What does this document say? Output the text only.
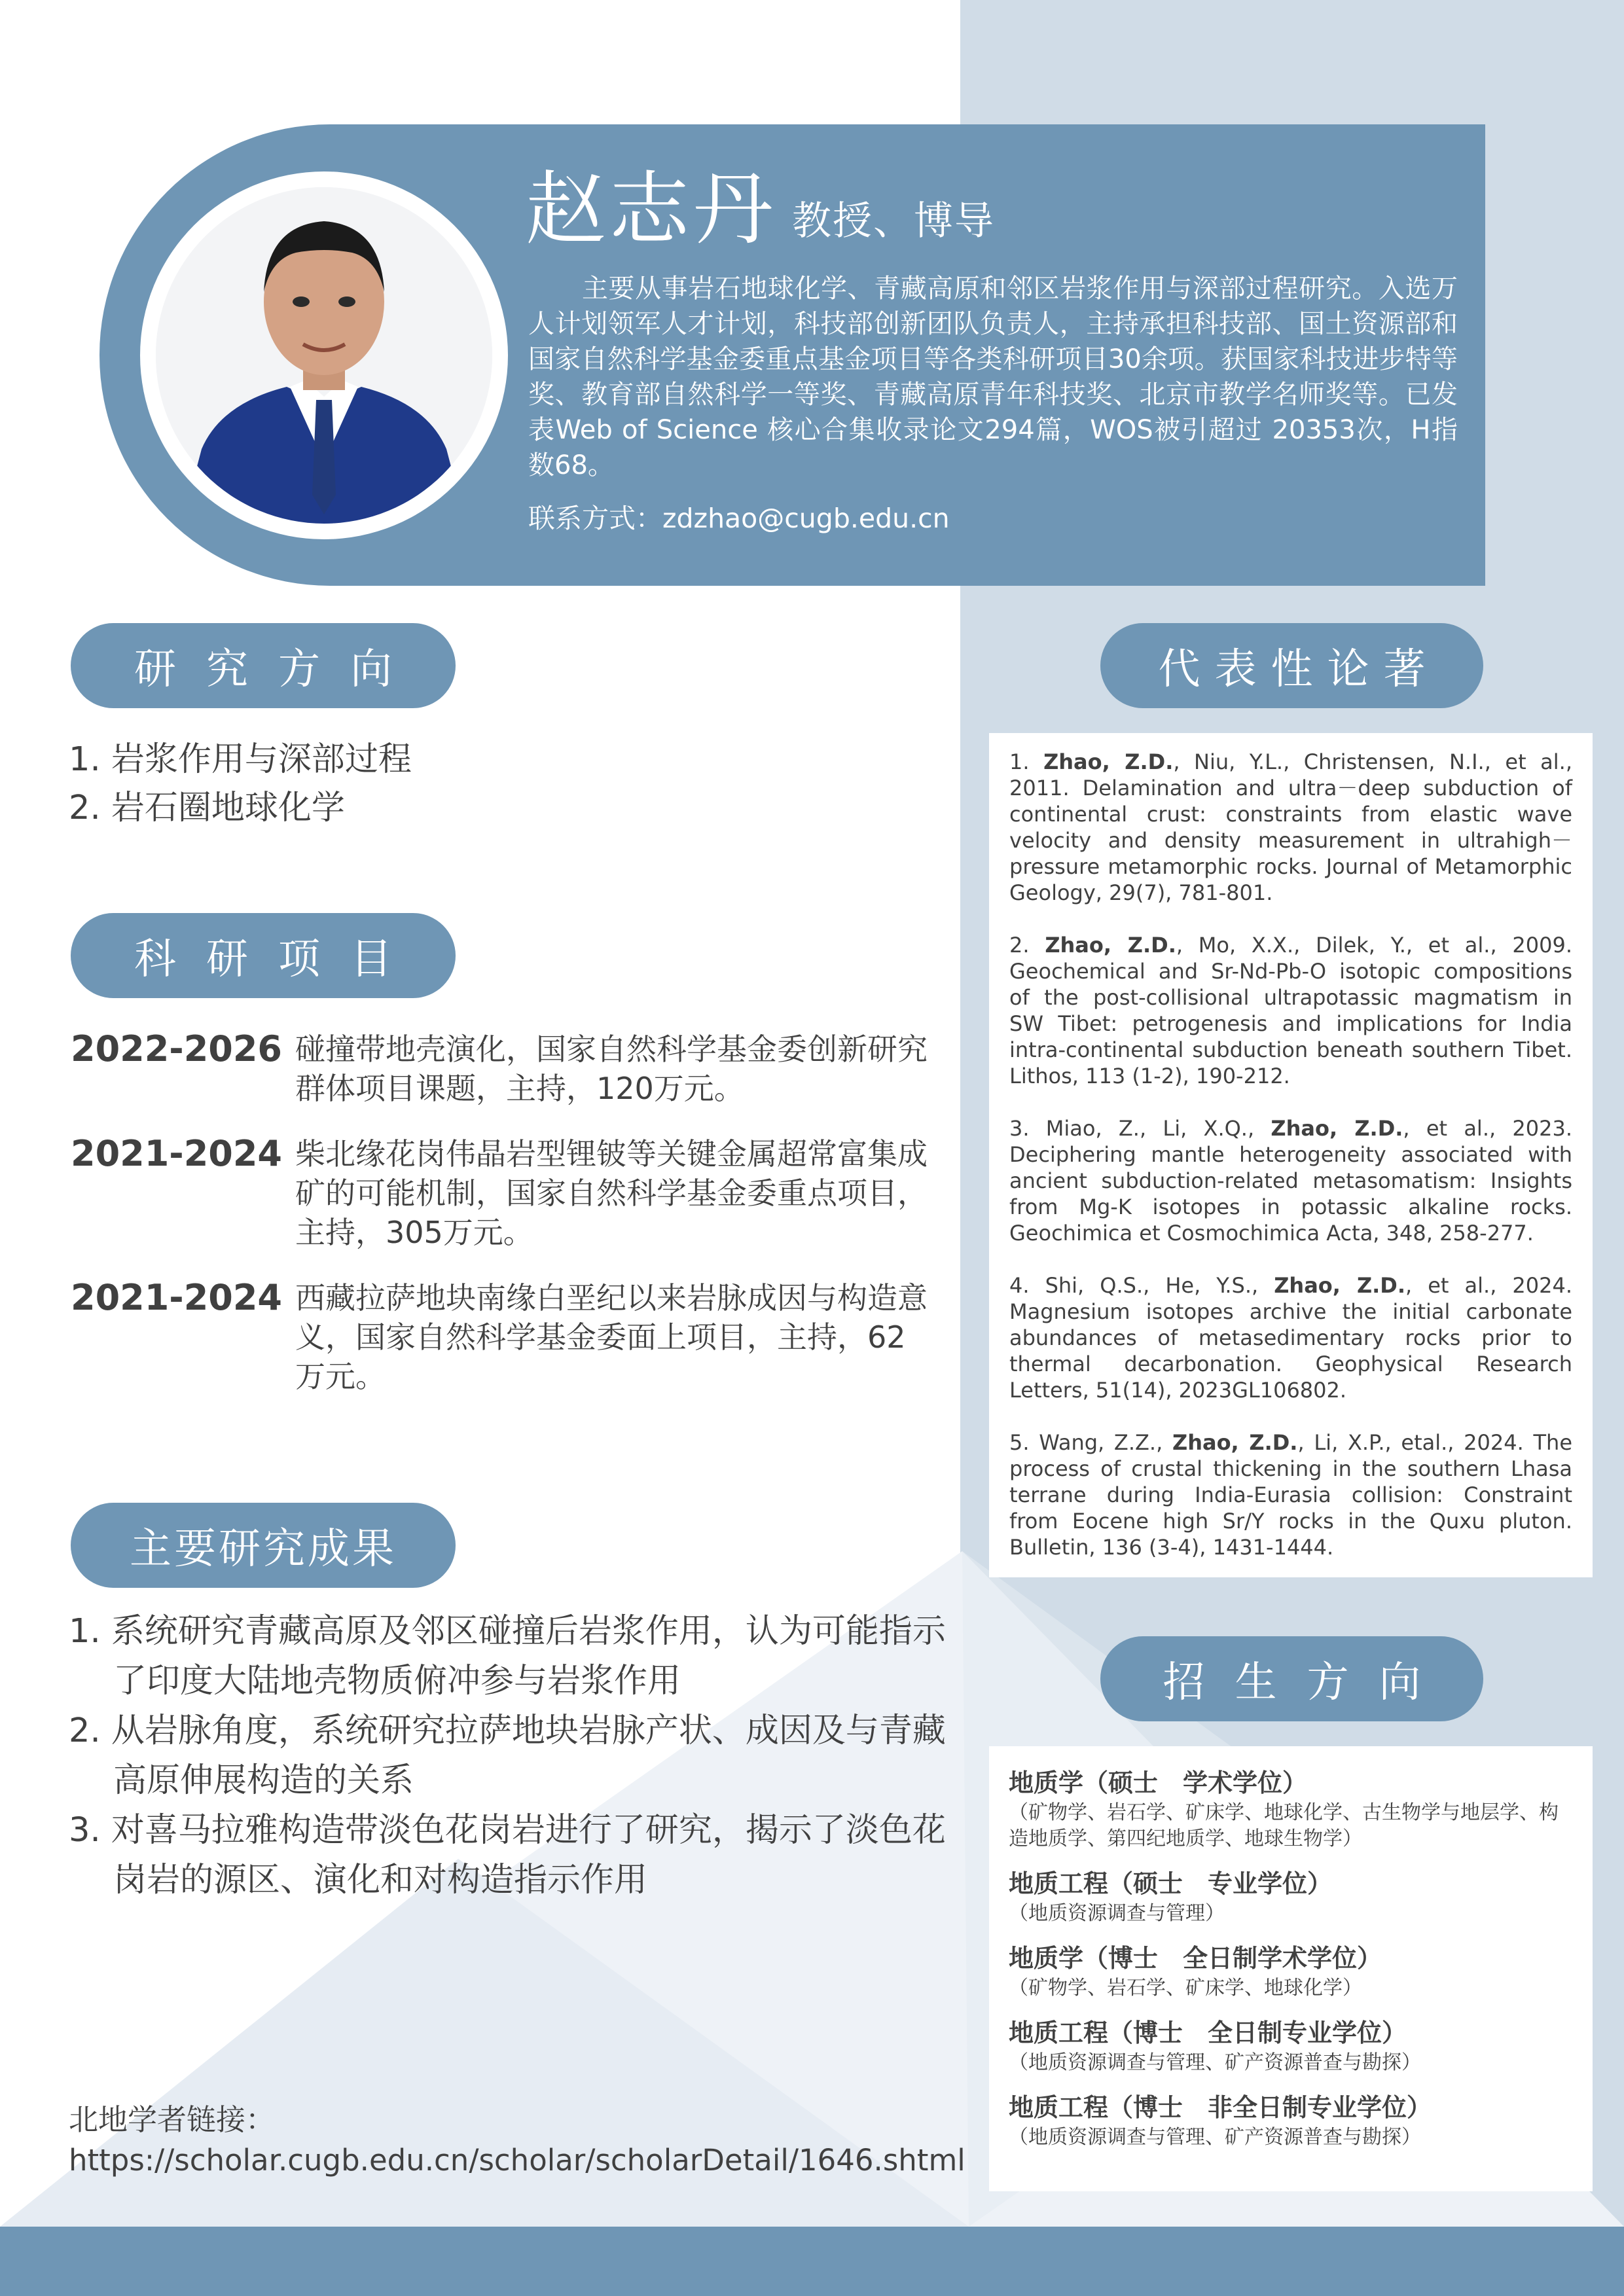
赵志丹 教授、博导
主要从事岩石地球化学、青藏高原和邻区岩浆作用与深部过程研究。入选万人计划领军人才计划，科技部创新团队负责人，主持承担科技部、国土资源部和国家自然科学基金委重点基金项目等各类科研项目30余项。获国家科技进步特等奖、教育部自然科学一等奖、青藏高原青年科技奖、北京市教学名师奖等。已发表Web of Science 核心合集收录论文294篇，WOS被引超过 20353次，H指数68。
联系方式：zdzhao@cugb.edu.cn
研究方向
1. 岩浆作用与深部过程
2. 岩石圈地球化学
科研项目
2022-2026 碰撞带地壳演化，国家自然科学基金委创新研究群体项目课题，主持，120万元。
2021-2024 柴北缘花岗伟晶岩型锂铍等关键金属超常富集成矿的可能机制，国家自然科学基金委重点项目，主持，305万元。
2021-2024 西藏拉萨地块南缘白垩纪以来岩脉成因与构造意义，国家自然科学基金委面上项目，主持，62万元。
主要研究成果
1. 系统研究青藏高原及邻区碰撞后岩浆作用，认为可能指示了印度大陆地壳物质俯冲参与岩浆作用
2. 从岩脉角度，系统研究拉萨地块岩脉产状、成因及与青藏高原伸展构造的关系
3. 对喜马拉雅构造带淡色花岗岩进行了研究，揭示了淡色花岗岩的源区、演化和对构造指示作用
北地学者链接：
https://scholar.cugb.edu.cn/scholar/scholarDetail/1646.shtml
代表性论著
1. Zhao, Z.D., Niu, Y.L., Christensen, N.I., et al., 2011. Delamination and ultra－deep subduction of continental crust: constraints from elastic wave velocity and density measurement in ultrahigh－pressure metamorphic rocks. Journal of Metamorphic Geology, 29(7), 781-801.
2. Zhao, Z.D., Mo, X.X., Dilek, Y., et al., 2009. Geochemical and Sr-Nd-Pb-O isotopic compositions of the post-collisional ultrapotassic magmatism in SW Tibet: petrogenesis and implications for India intra-continental subduction beneath southern Tibet. Lithos, 113 (1-2), 190-212.
3. Miao, Z., Li, X.Q., Zhao, Z.D., et al., 2023. Deciphering mantle heterogeneity associated with ancient subduction-related metasomatism: Insights from Mg-K isotopes in potassic alkaline rocks. Geochimica et Cosmochimica Acta, 348, 258-277.
4. Shi, Q.S., He, Y.S., Zhao, Z.D., et al., 2024. Magnesium isotopes archive the initial carbonate abundances of metasedimentary rocks prior to thermal decarbonation. Geophysical Research Letters, 51(14), 2023GL106802.
5. Wang, Z.Z., Zhao, Z.D., Li, X.P., etal., 2024. The process of crustal thickening in the southern Lhasa terrane during India-Eurasia collision: Constraint from Eocene high Sr/Y rocks in the Quxu pluton. Bulletin, 136 (3-4), 1431-1444.
招生方向
地质学（硕士　学术学位）
（矿物学、岩石学、矿床学、地球化学、古生物学与地层学、构造地质学、第四纪地质学、地球生物学）
地质工程（硕士　专业学位）
（地质资源调查与管理）
地质学（博士　全日制学术学位）
（矿物学、岩石学、矿床学、地球化学）
地质工程（博士　全日制专业学位）
（地质资源调查与管理、矿产资源普查与勘探）
地质工程（博士　非全日制专业学位）
（地质资源调查与管理、矿产资源普查与勘探）
